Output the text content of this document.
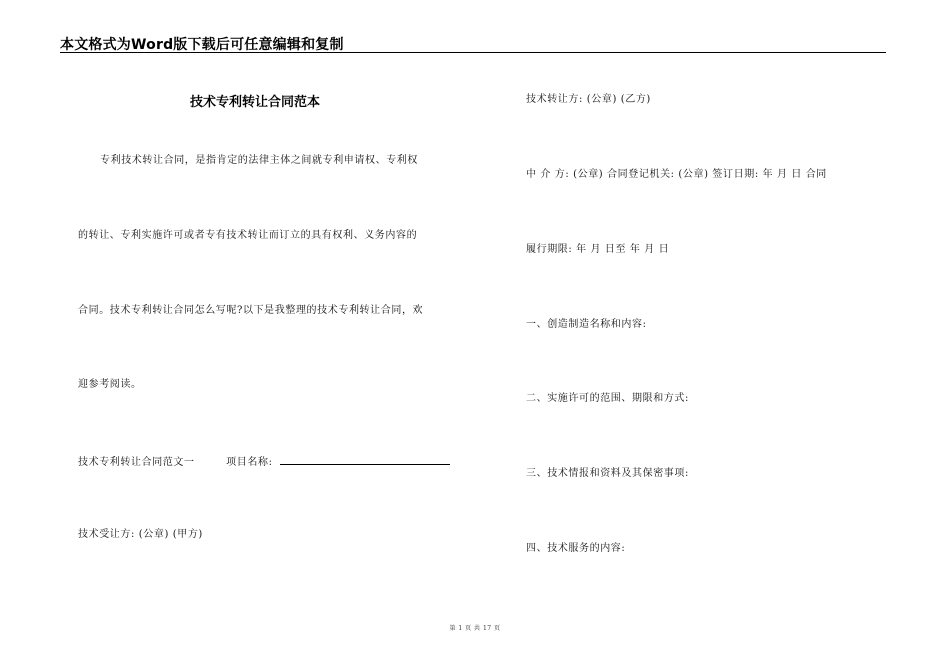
本文格式为Word版下载后可任意编辑和复制
技术专利转让合同范本
专利技术转让合同，是指肯定的法律主体之间就专利申请权、专利权
的转让、专利实施许可或者专有技术转让而订立的具有权利、义务内容的
合同。技术专利转让合同怎么写呢?以下是我整理的技术专利转让合同，欢
迎参考阅读。
技术专利转让合同范文一	项目名称:
技术受让方: (公章) (甲方)
技术转让方: (公章) (乙方)
中 介 方: (公章) 合同登记机关: (公章) 签订日期: 年 月 日 合同
履行期限: 年 月 日至 年 月 日
一、创造制造名称和内容:
二、实施许可的范围、期限和方式:
三、技术情报和资料及其保密事项:
四、技术服务的内容:
第 1 页 共 17 页
